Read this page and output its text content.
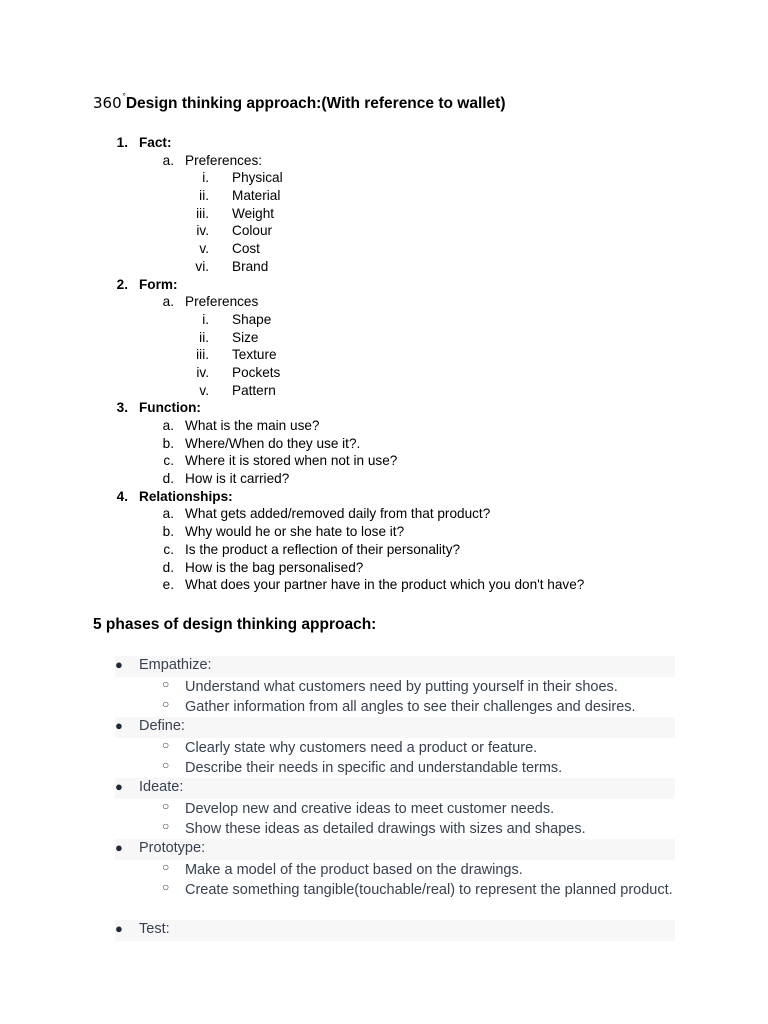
360°Design thinking approach:(With reference to wallet)
1. Fact:
a. Preferences:
i. Physical
ii. Material
iii. Weight
iv. Colour
v. Cost
vi. Brand
2. Form:
a. Preferences
i. Shape
ii. Size
iii. Texture
iv. Pockets
v. Pattern
3. Function:
a. What is the main use?
b. Where/When do they use it?.
c. Where it is stored when not in use?
d. How is it carried?
4. Relationships:
a. What gets added/removed daily from that product?
b. Why would he or she hate to lose it?
c. Is the product a reflection of their personality?
d. How is the bag personalised?
e. What does your partner have in the product which you don't have?
5 phases of design thinking approach:
● Empathize:
○ Understand what customers need by putting yourself in their shoes.
○ Gather information from all angles to see their challenges and desires.
● Define:
○ Clearly state why customers need a product or feature.
○ Describe their needs in specific and understandable terms.
● Ideate:
○ Develop new and creative ideas to meet customer needs.
○ Show these ideas as detailed drawings with sizes and shapes.
● Prototype:
○ Make a model of the product based on the drawings.
○ Create something tangible(touchable/real) to represent the planned product.
● Test:
